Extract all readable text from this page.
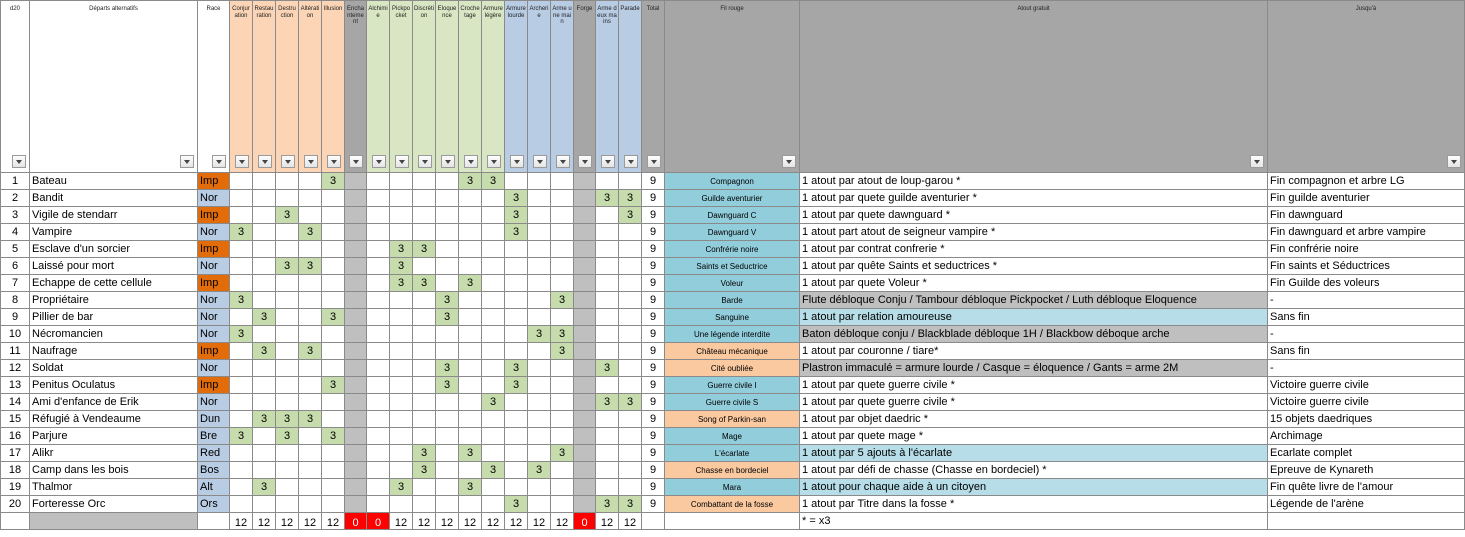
d20	Départs alternatifs	Race	Conjuration	Restauration	Destruction	Altération	Illusion	Enchantement	Alchimie	Pickpocket	Discrétion	Eloquence	Crochetage	Armure légère	Armure lourde	Archerie	Arme une main	Forge	Arme deux mains	Parade	Total	Fil rouge	Atout gratuit	Jusqu'à

1	Bateau	Imp					3						3	3							9	Compagnon	1 atout par atout de loup-garou *	Fin compagnon et arbre LG
2	Bandit	Nor													3				3	3	9	Guilde aventurier	1 atout par quete guilde aventurier *	Fin guilde aventurier
3	Vigile de stendarr	Imp			3										3					3	9	Dawnguard C	1 atout par quete dawnguard *	Fin dawnguard
4	Vampire	Nor	3			3									3						9	Dawnguard V	1 atout part atout de seigneur vampire *	Fin dawnguard et arbre vampire
5	Esclave d'un sorcier	Imp								3	3										9	Confrérie noire	1 atout par contrat confrerie *	Fin confrérie noire
6	Laissé pour mort	Nor			3	3				3											9	Saints et Seductrice	1 atout par quête Saints et seductrices *	Fin saints et Séductrices
7	Echappe de cette cellule	Imp								3	3		3								9	Voleur	1 atout par quete Voleur *	Fin Guilde des voleurs
8	Propriétaire	Nor	3									3					3				9	Barde	Flute débloque Conju / Tambour débloque Pickpocket / Luth débloque Eloquence	-
9	Pillier de bar	Nor		3			3					3									9	Sanguine	1 atout par relation amoureuse	Sans fin
10	Nécromancien	Nor	3													3	3				9	Une légende interdite	Baton débloque conju / Blackblade débloque 1H / Blackbow déboque arche	-
11	Naufrage	Imp		3		3											3				9	Château mécanique	1 atout par couronne / tiare*	Sans fin
12	Soldat	Nor										3			3				3		9	Cité oubliée	Plastron immaculé = armure lourde / Casque = éloquence / Gants = arme 2M	-
13	Penitus Oculatus	Imp					3					3			3						9	Guerre civile I	1 atout par quete guerre civile *	Victoire guerre civile
14	Ami d'enfance de Erik	Nor												3					3	3	9	Guerre civile S	1 atout par quete guerre civile *	Victoire guerre civile
15	Réfugié à Vendeaume	Dun		3	3	3															9	Song of Parkin-san	1 atout par objet daedric *	15 objets daedriques
16	Parjure	Bre	3		3		3														9	Mage	1 atout par quete mage *	Archimage
17	Alikr	Red									3		3				3				9	L'écarlate	1 atout par 5 ajouts à l'écarlate	Ecarlate complet
18	Camp dans les bois	Bos									3			3		3					9	Chasse en bordeciel	1 atout par défi de chasse (Chasse en bordeciel) *	Epreuve de Kynareth
19	Thalmor	Alt		3						3			3								9	Mara	1 atout pour chaque aide à un citoyen	Fin quête livre de l'amour
20	Forteresse Orc	Ors													3				3	3	9	Combattant de la fosse	1 atout par Titre dans la fosse *	Légende de l'arène
			12	12	12	12	12	0	0	12	12	12	12	12	12	12	12	0	12	12			* = x3	
